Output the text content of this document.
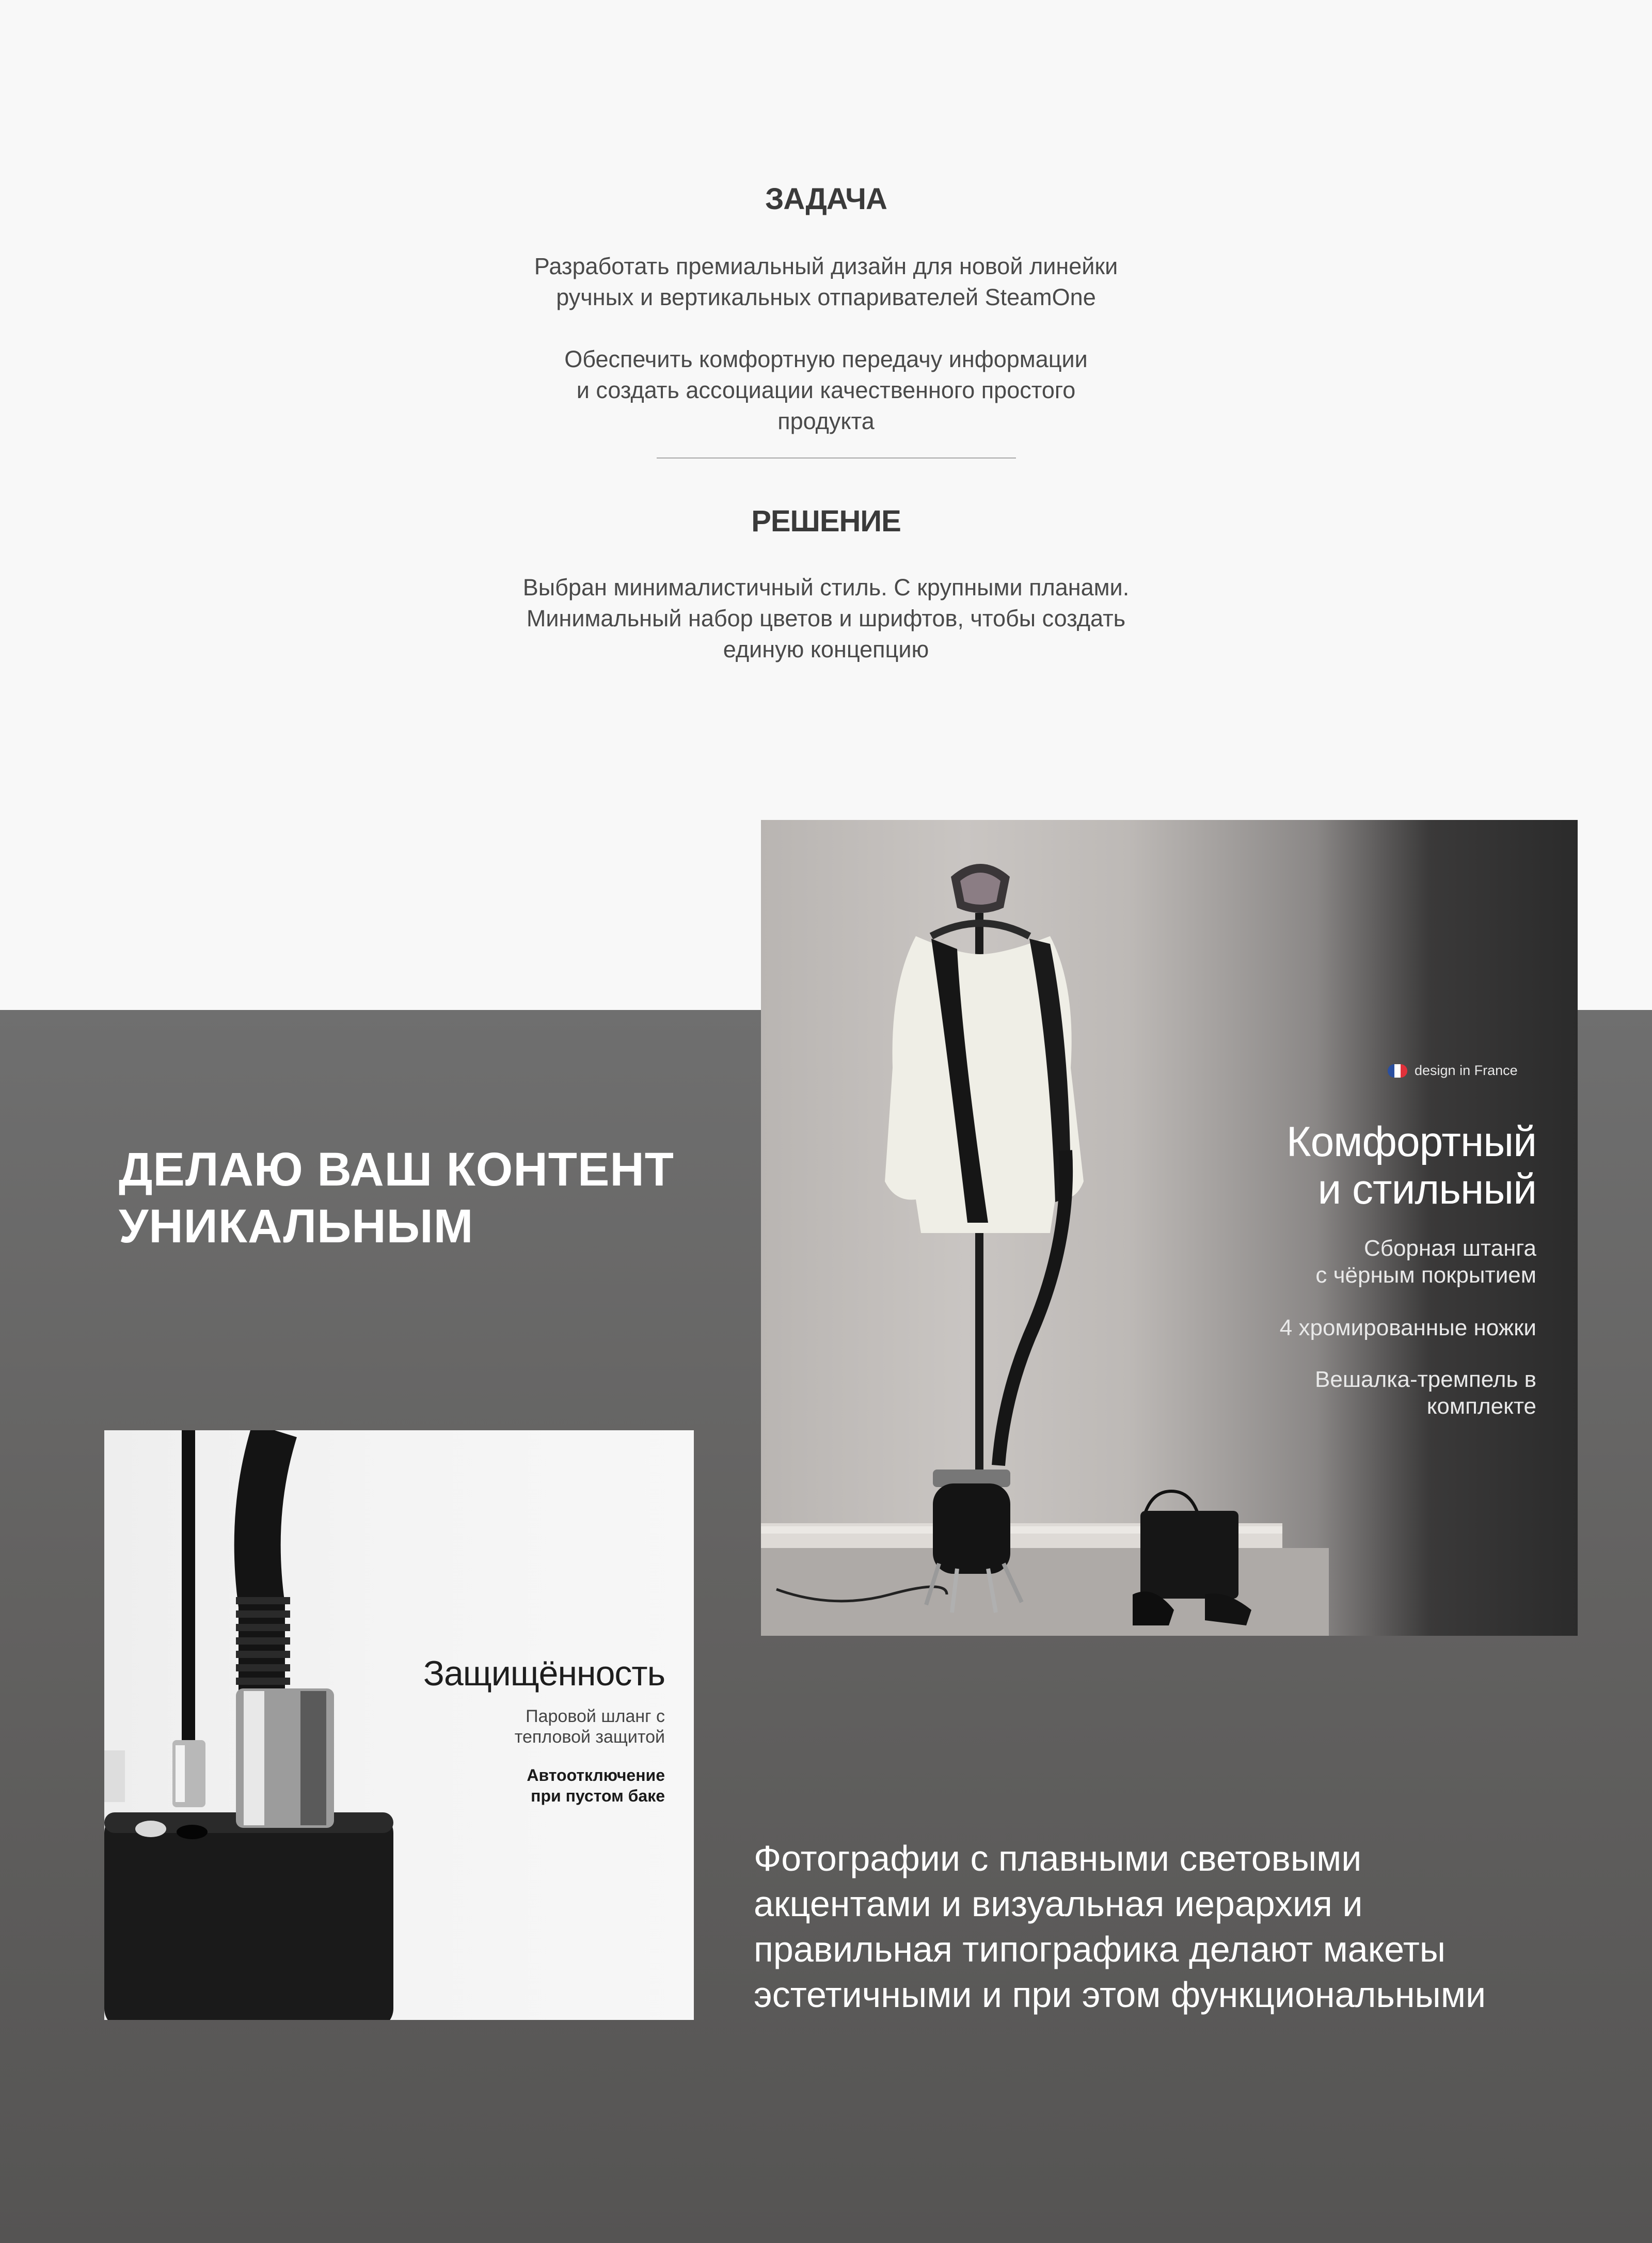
ЗАДАЧА

Разработать премиальный дизайн для новой линейки
ручных и вертикальных отпаривателей SteamOne

Обеспечить комфортную передачу информации
и создать ассоциации качественного простого
продукта

РЕШЕНИЕ

Выбран минималистичный стиль. С крупными планами.
Минимальный набор цветов и шрифтов, чтобы создать
единую концепцию

ДЕЛАЮ ВАШ КОНТЕНТ
УНИКАЛЬНЫМ
design in France
Комфортный
и стильный
Сборная штанга
с чёрным покрытием
4 хромированные ножки
Вешалка-тремпель в
комплекте
Защищённость
Паровой шланг с
тепловой защитой
Автоотключение
при пустом баке

Фотографии с плавными световыми
акцентами и визуальная иерархия и
правильная типографика делают макеты
эстетичными и при этом функциональными
